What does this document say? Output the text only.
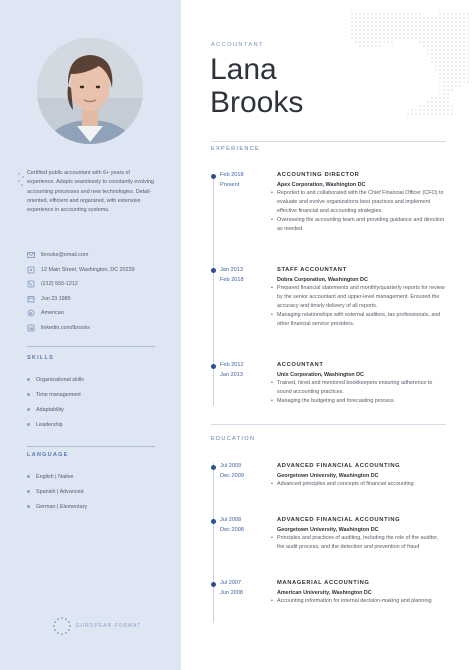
Certified public accountant with 6+ years of experience. Adapts seamlessly to constantly evolving accounting processes and new technologies. Detail-oriented, efficient and organized, with extensive experience in accounting systems.
lbrooks@email.com
12 Main Street, Washington, DC 20239
(212) 555-1212
Jun 23 1985
American
linkedin.com/lbrooks
SKILLS
Organizational skills
Time management
Adaptability
Leadership
LANGUAGE
English | Native
Spanish | Advanced
German | Elementary
EUROPEAN FORMAT
ACCOUNTANT
Lana
Brooks
EXPERIENCE
Feb 2018
Present
ACCOUNTING DIRECTOR
Apex Corporation, Washington DC
• Reported to and collaborated with the Chief Financial Officer (CFO) to evaluate and evolve organizations best practices and implement effective financial and accounting strategies.
• Overseeing the accounting team and providing guidance and direction as needed.
Jan 2013
Feb 2018
STAFF ACCOUNTANT
Dobra Corporation, Washington DC
• Prepared financial statements and monthly/quarterly reports for review by the senior accountant and upper-level management. Ensured the accuracy and timely delivery of all reports.
• Managing relationships with external auditors, tax professionals, and other financial service providers.
Feb 2012
Jan 2013
ACCOUNTANT
Unix Corporation, Washington DC
• Trained, hired and mentored bookkeepers ensuring adherence to sound accounting practices.
• Managing the budgeting and forecasting process.
EDUCATION
Jul 2009
Dec 2009
ADVANCED FINANCIAL ACCOUNTING
Georgetown University, Washington DC
• Advanced principles and concepts of financial accounting
Jul 2008
Dec 2008
ADVANCED FINANCIAL ACCOUNTING
Georgetown University, Washington DC
• Principles and practices of auditing, including the role of the auditor, the audit process, and the detection and prevention of fraud
Jul 2007
Jun 2008
MANAGERIAL ACCOUNTING
American University, Washington DC
• Accounting information for internal decision-making and planning
